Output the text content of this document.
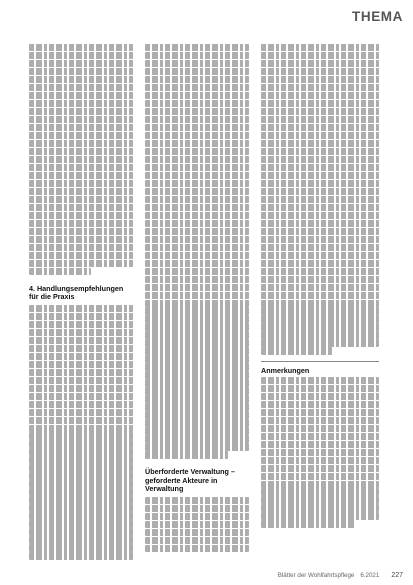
THEMA
4. Handlungsempfehlungen für die Praxis
Überforderte Verwaltung – geforderte Akteure in Verwaltung
Anmerkungen
Blätter der Wohlfahrtspflege 6.2021 227
